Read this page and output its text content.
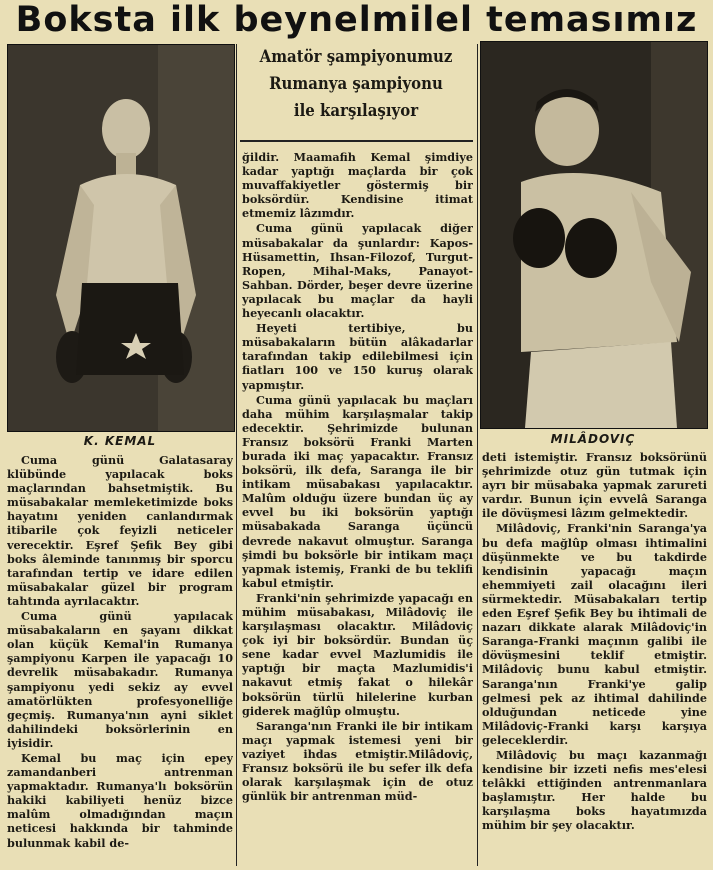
Boksta ilk beynelmilel temasımız
K. KEMAL	MILÂDOVIÇ
Amatör şampiyonumuz
Rumanya şampiyonu
ile karşılaşıyor

Cuma günü Galatasaray klübünde yapılacak boks maçlarından bahsetmiştik. Bu müsabakalar memleketimizde boks hayatını yeniden canlandırmak itibarile çok feyizli neticeler verecektir. Eşref Şefik Bey gibi boks âleminde tanınmış bir sporcu tarafından tertip ve idare edilen müsabakalar güzel bir program tahtında ayrılacaktır.

Cuma günü yapılacak müsabakaların en şayanı dikkat olan küçük Kemal'in Rumanya şampiyonu Karpen ile yapacağı 10 devrelik müsabakadır. Rumanya şampiyonu yedi sekiz ay evvel amatörlükten profesyonelliğe geçmiş. Rumanya'nın ayni siklet dahilindeki boksörlerinin en iyisidir.

Kemal bu maç için epey zamandanberi antrenman yapmaktadır. Rumanya'lı boksörün hakiki kabiliyeti henüz bizce malûm olmadığından maçın neticesi hakkında bir tahminde bulunmak kabil de-

ğildir. Maamafih Kemal şimdiye kadar yaptığı maçlarda bir çok muvaffakiyetler göstermiş bir boksördür. Kendisine itimat etmemiz lâzımdır.

Cuma günü yapılacak diğer müsabakalar da şunlardır: Kapos-Hüsamettin, Ihsan-Filozof, Turgut-Ropen, Mihal-Maks, Panayot-Sahban. Dörder, beşer devre üzerine yapılacak bu maçlar da hayli heyecanlı olacaktır.

Heyeti tertibiye, bu müsabakaların bütün alâkadarlar tarafından takip edilebilmesi için fiatları 100 ve 150 kuruş olarak yapmıştır.

Cuma günü yapılacak bu maçları daha mühim karşılaşmalar takip edecektir. Şehrimizde bulunan Fransız boksörü Franki Marten burada iki maç yapacaktır. Fransız boksörü, ilk defa, Saranga ile bir intikam müsabakası yapılacaktır. Malûm olduğu üzere bundan üç ay evvel bu iki boksörün yaptığı müsabakada Saranga üçüncü devrede nakavut olmuştur. Saranga şimdi bu boksörle bir intikam maçı yapmak istemiş, Franki de bu teklifi kabul etmiştir.

Franki'nin şehrimizde yapacağı en mühim müsabakası, Milâdoviç ile karşılaşması olacaktır. Milâdoviç çok iyi bir boksördür. Bundan üç sene kadar evvel Mazlumidis ile yaptığı bir maçta Mazlumidis'i nakavut etmiş fakat o hilekâr boksörün türlü hilelerine kurban giderek mağlûp olmuştu.

Saranga'nın Franki ile bir intikam maçı yapmak istemesi yeni bir vaziyet ihdas etmiştir.Milâdoviç, Fransız boksörü ile bu sefer ilk defa olarak karşılaşmak için de otuz günlük bir antrenman müd-

deti istemiştir. Fransız boksörünü şehrimizde otuz gün tutmak için ayrı bir müsabaka yapmak zarureti vardır. Bunun için evvelâ Saranga ile dövüşmesi lâzım gelmektedir.

Milâdoviç, Franki'nin Saranga'ya bu defa mağlûp olması ihtimalini düşünmekte ve bu takdirde kendisinin yapacağı maçın ehemmiyeti zail olacağını ileri sürmektedir. Müsabakaları tertip eden Eşref Şefik Bey bu ihtimali de nazarı dikkate alarak Milâdoviç'in Saranga-Franki maçının galibi ile dövüşmesini teklif etmiştir. Milâdoviç bunu kabul etmiştir. Saranga'nın Franki'ye galip gelmesi pek az ihtimal dahilinde olduğundan neticede yine Milâdoviç-Franki karşı karşıya geleceklerdir.

Milâdoviç bu maçı kazanmağı kendisine bir izzeti nefis mes'elesi telâkki ettiğinden antrenmanlara başlamıştır. Her halde bu karşılaşma boks hayatımızda mühim bir şey olacaktır.
